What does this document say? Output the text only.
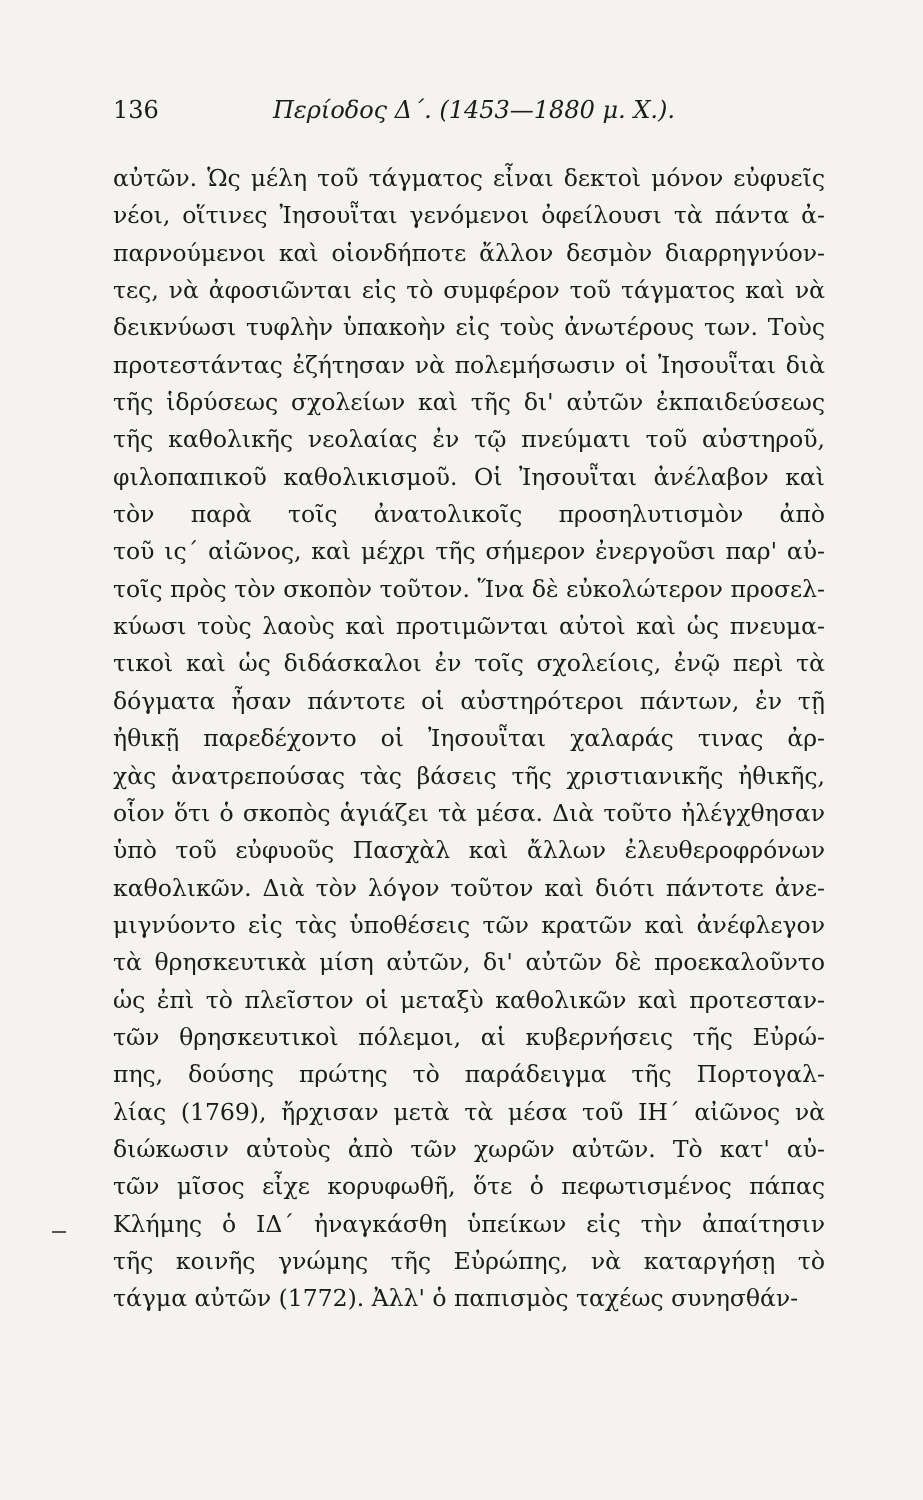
136	Περίοδος Δ΄. (1453—1880 μ. Χ.).
αὐτῶν. Ὡς μέλη τοῦ τάγματος εἶναι δεκτοὶ μόνον εὐφυεῖς
νέοι, οἵτινες Ἰησουῗται γενόμενοι ὀφείλουσι τὰ πάντα ἀ-
παρνούμενοι καὶ οἱονδήποτε ἄλλον δεσμὸν διαρρηγνύον-
τες, νὰ ἀφοσιῶνται εἰς τὸ συμφέρον τοῦ τάγματος καὶ νὰ
δεικνύωσι τυφλὴν ὑπακοὴν εἰς τοὺς ἀνωτέρους των. Τοὺς
προτεστάντας ἐζήτησαν νὰ πολεμήσωσιν οἱ Ἰησουῗται διὰ
τῆς ἱδρύσεως σχολείων καὶ τῆς δι' αὐτῶν ἐκπαιδεύσεως
τῆς καθολικῆς νεολαίας ἐν τῷ πνεύματι τοῦ αὐστηροῦ,
φιλοπαπικοῦ καθολικισμοῦ. Οἱ Ἰησουῗται ἀνέλαβον καὶ
τὸν παρὰ τοῖς ἀνατολικοῖς προσηλυτισμὸν ἀπὸ
τοῦ ις΄ αἰῶνος, καὶ μέχρι τῆς σήμερον ἐνεργοῦσι παρ' αὐ-
τοῖς πρὸς τὸν σκοπὸν τοῦτον. Ἵνα δὲ εὐκολώτερον προσελ-
κύωσι τοὺς λαοὺς καὶ προτιμῶνται αὐτοὶ καὶ ὡς πνευμα-
τικοὶ καὶ ὡς διδάσκαλοι ἐν τοῖς σχολείοις, ἐνῷ περὶ τὰ
δόγματα ἦσαν πάντοτε οἱ αὐστηρότεροι πάντων, ἐν τῇ
ἠθικῇ παρεδέχοντο οἱ Ἰησουῗται χαλαράς τινας ἀρ-
χὰς ἀνατρεπούσας τὰς βάσεις τῆς χριστιανικῆς ἠθικῆς,
οἷον ὅτι ὁ σκοπὸς ἁγιάζει τὰ μέσα. Διὰ τοῦτο ἠλέγχθησαν
ὑπὸ τοῦ εὐφυοῦς Πασχὰλ καὶ ἄλλων ἐλευθεροφρόνων
καθολικῶν. Διὰ τὸν λόγον τοῦτον καὶ διότι πάντοτε ἀνε-
μιγνύοντο εἰς τὰς ὑποθέσεις τῶν κρατῶν καὶ ἀνέφλεγον
τὰ θρησκευτικὰ μίση αὐτῶν, δι' αὐτῶν δὲ προεκαλοῦντο
ὡς ἐπὶ τὸ πλεῖστον οἱ μεταξὺ καθολικῶν καὶ προτεσταν-
τῶν θρησκευτικοὶ πόλεμοι, αἱ κυβερνήσεις τῆς Εὐρώ-
πης, δούσης πρώτης τὸ παράδειγμα τῆς Πορτογαλ-
λίας (1769), ἤρχισαν μετὰ τὰ μέσα τοῦ ΙΗ΄ αἰῶνος νὰ
διώκωσιν αὐτοὺς ἀπὸ τῶν χωρῶν αὐτῶν. Τὸ κατ' αὐ-
τῶν μῖσος εἶχε κορυφωθῆ, ὅτε ὁ πεφωτισμένος πάπας
Κλήμης ὁ ΙΔ΄ ἠναγκάσθη ὑπείκων εἰς τὴν ἀπαίτησιν
τῆς κοινῆς γνώμης τῆς Εὐρώπης, νὰ καταργήσῃ τὸ
τάγμα αὐτῶν (1772). Ἀλλ' ὁ παπισμὸς ταχέως συνησθάν-
